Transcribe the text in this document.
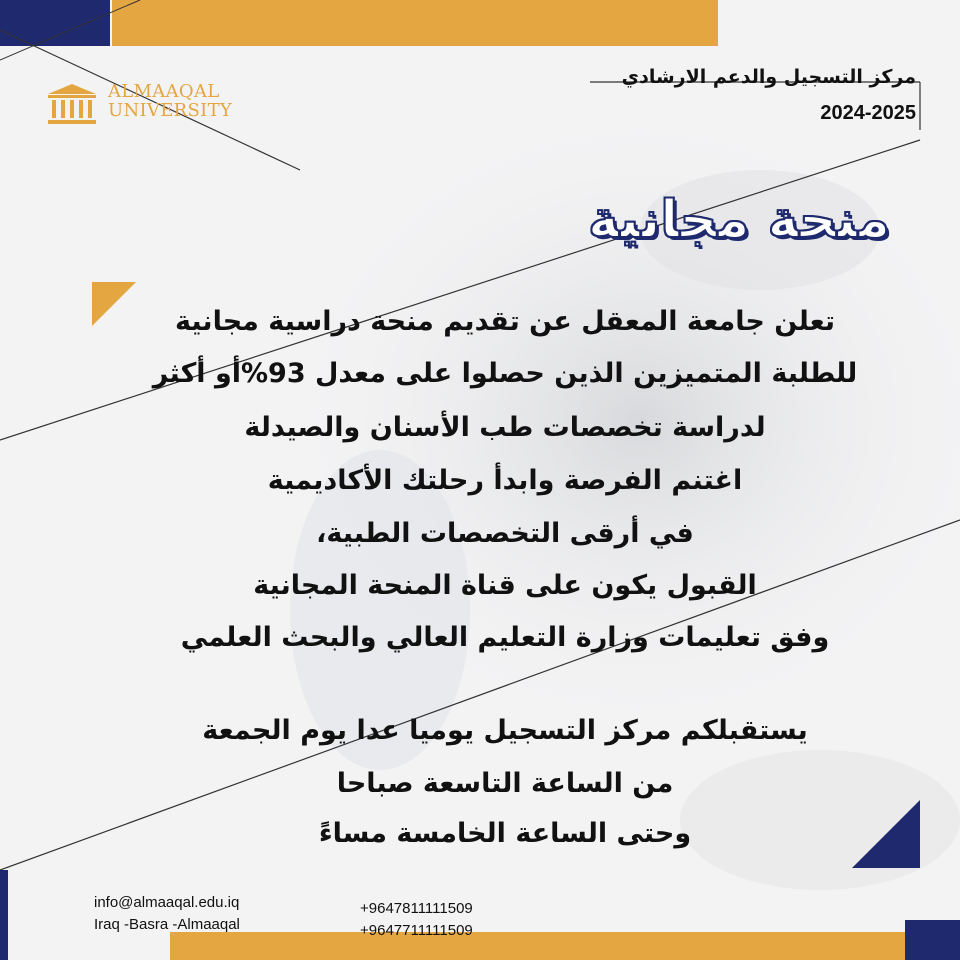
ALMAAQAL
UNIVERSITY
مركز التسجيل والدعم الارشادي
2024-2025
منحة مجانية
تعلن جامعة المعقل عن تقديم منحة دراسية مجانية
للطلبة المتميزين الذين حصلوا على معدل 93%أو أكثر
لدراسة تخصصات طب الأسنان والصيدلة
اغتنم الفرصة وابدأ رحلتك الأكاديمية
في أرقى التخصصات الطبية،
القبول يكون على قناة المنحة المجانية
وفق تعليمات وزارة التعليم العالي والبحث العلمي
يستقبلكم مركز التسجيل يوميا عدا يوم الجمعة
من الساعة التاسعة صباحا
وحتى الساعة الخامسة مساءً
info@almaaqal.edu.iq
Iraq -Basra -Almaaqal
+9647811111509
+9647711111509
